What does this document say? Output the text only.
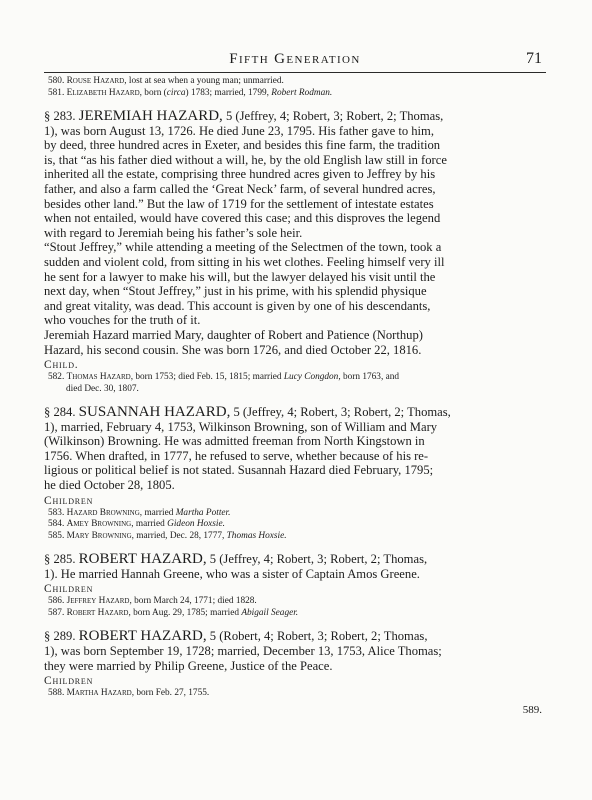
Fifth Generation	71
580. Rouse Hazard, lost at sea when a young man; unmarried.
581. Elizabeth Hazard, born (circa) 1783; married, 1799, Robert Rodman.
§ 283. JEREMIAH HAZARD, 5 (Jeffrey, 4; Robert, 3; Robert, 2; Thomas,
1), was born August 13, 1726. He died June 23, 1795. His father gave to him,
by deed, three hundred acres in Exeter, and besides this fine farm, the tradition
is, that “as his father died without a will, he, by the old English law still in force
inherited all the estate, comprising three hundred acres given to Jeffrey by his
father, and also a farm called the ‘Great Neck’ farm, of several hundred acres,
besides other land.” But the law of 1719 for the settlement of intestate estates
when not entailed, would have covered this case; and this disproves the legend
with regard to Jeremiah being his father’s sole heir.
“Stout Jeffrey,” while attending a meeting of the Selectmen of the town, took a
sudden and violent cold, from sitting in his wet clothes. Feeling himself very ill
he sent for a lawyer to make his will, but the lawyer delayed his visit until the
next day, when “Stout Jeffrey,” just in his prime, with his splendid physique
and great vitality, was dead. This account is given by one of his descendants,
who vouches for the truth of it.
Jeremiah Hazard married Mary, daughter of Robert and Patience (Northup)
Hazard, his second cousin. She was born 1726, and died October 22, 1816.
Child.
582. Thomas Hazard, born 1753; died Feb. 15, 1815; married Lucy Congdon, born 1763, and
died Dec. 30, 1807.
§ 284. SUSANNAH HAZARD, 5 (Jeffrey, 4; Robert, 3; Robert, 2; Thomas,
1), married, February 4, 1753, Wilkinson Browning, son of William and Mary
(Wilkinson) Browning. He was admitted freeman from North Kingstown in
1756. When drafted, in 1777, he refused to serve, whether because of his re-
ligious or political belief is not stated. Susannah Hazard died February, 1795;
he died October 28, 1805.
Children
583. Hazard Browning, married Martha Potter.
584. Amey Browning, married Gideon Hoxsie.
585. Mary Browning, married, Dec. 28, 1777, Thomas Hoxsie.
§ 285. ROBERT HAZARD, 5 (Jeffrey, 4; Robert, 3; Robert, 2; Thomas,
1). He married Hannah Greene, who was a sister of Captain Amos Greene.
Children
586. Jeffrey Hazard, born March 24, 1771; died 1828.
587. Robert Hazard, born Aug. 29, 1785; married Abigail Seager.
§ 289. ROBERT HAZARD, 5 (Robert, 4; Robert, 3; Robert, 2; Thomas,
1), was born September 19, 1728; married, December 13, 1753, Alice Thomas;
they were married by Philip Greene, Justice of the Peace.
Children
588. Martha Hazard, born Feb. 27, 1755.
589.
